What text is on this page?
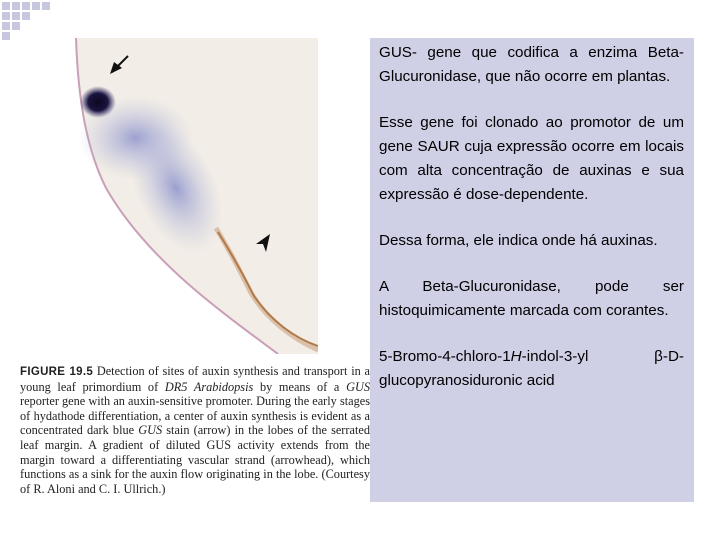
FIGURE 19.5 Detection of sites of auxin synthesis and transport in a young leaf primordium of DR5 Arabidopsis by means of a GUS reporter gene with an auxin-sensitive promoter. During the early stages of hydathode differentiation, a center of auxin synthesis is evident as a concentrated dark blue GUS stain (arrow) in the lobes of the serrated leaf margin. A gradient of diluted GUS activity extends from the margin toward a differentiating vascular strand (arrowhead), which functions as a sink for the auxin flow originating in the lobe. (Courtesy of R. Aloni and C. I. Ullrich.)

GUS- gene que codifica a enzima Beta-Glucuronidase, que não ocorre em plantas.

Esse gene foi clonado ao promotor de um gene SAUR cuja expressão ocorre em locais com alta concentração de auxinas e sua expressão é dose-dependente.

Dessa forma, ele indica onde há auxinas.

A Beta-Glucuronidase, pode ser histoquimicamente marcada com corantes.

5-Bromo-4-chloro-1H-indol-3-yl β-D-glucopyranosiduronic acid
